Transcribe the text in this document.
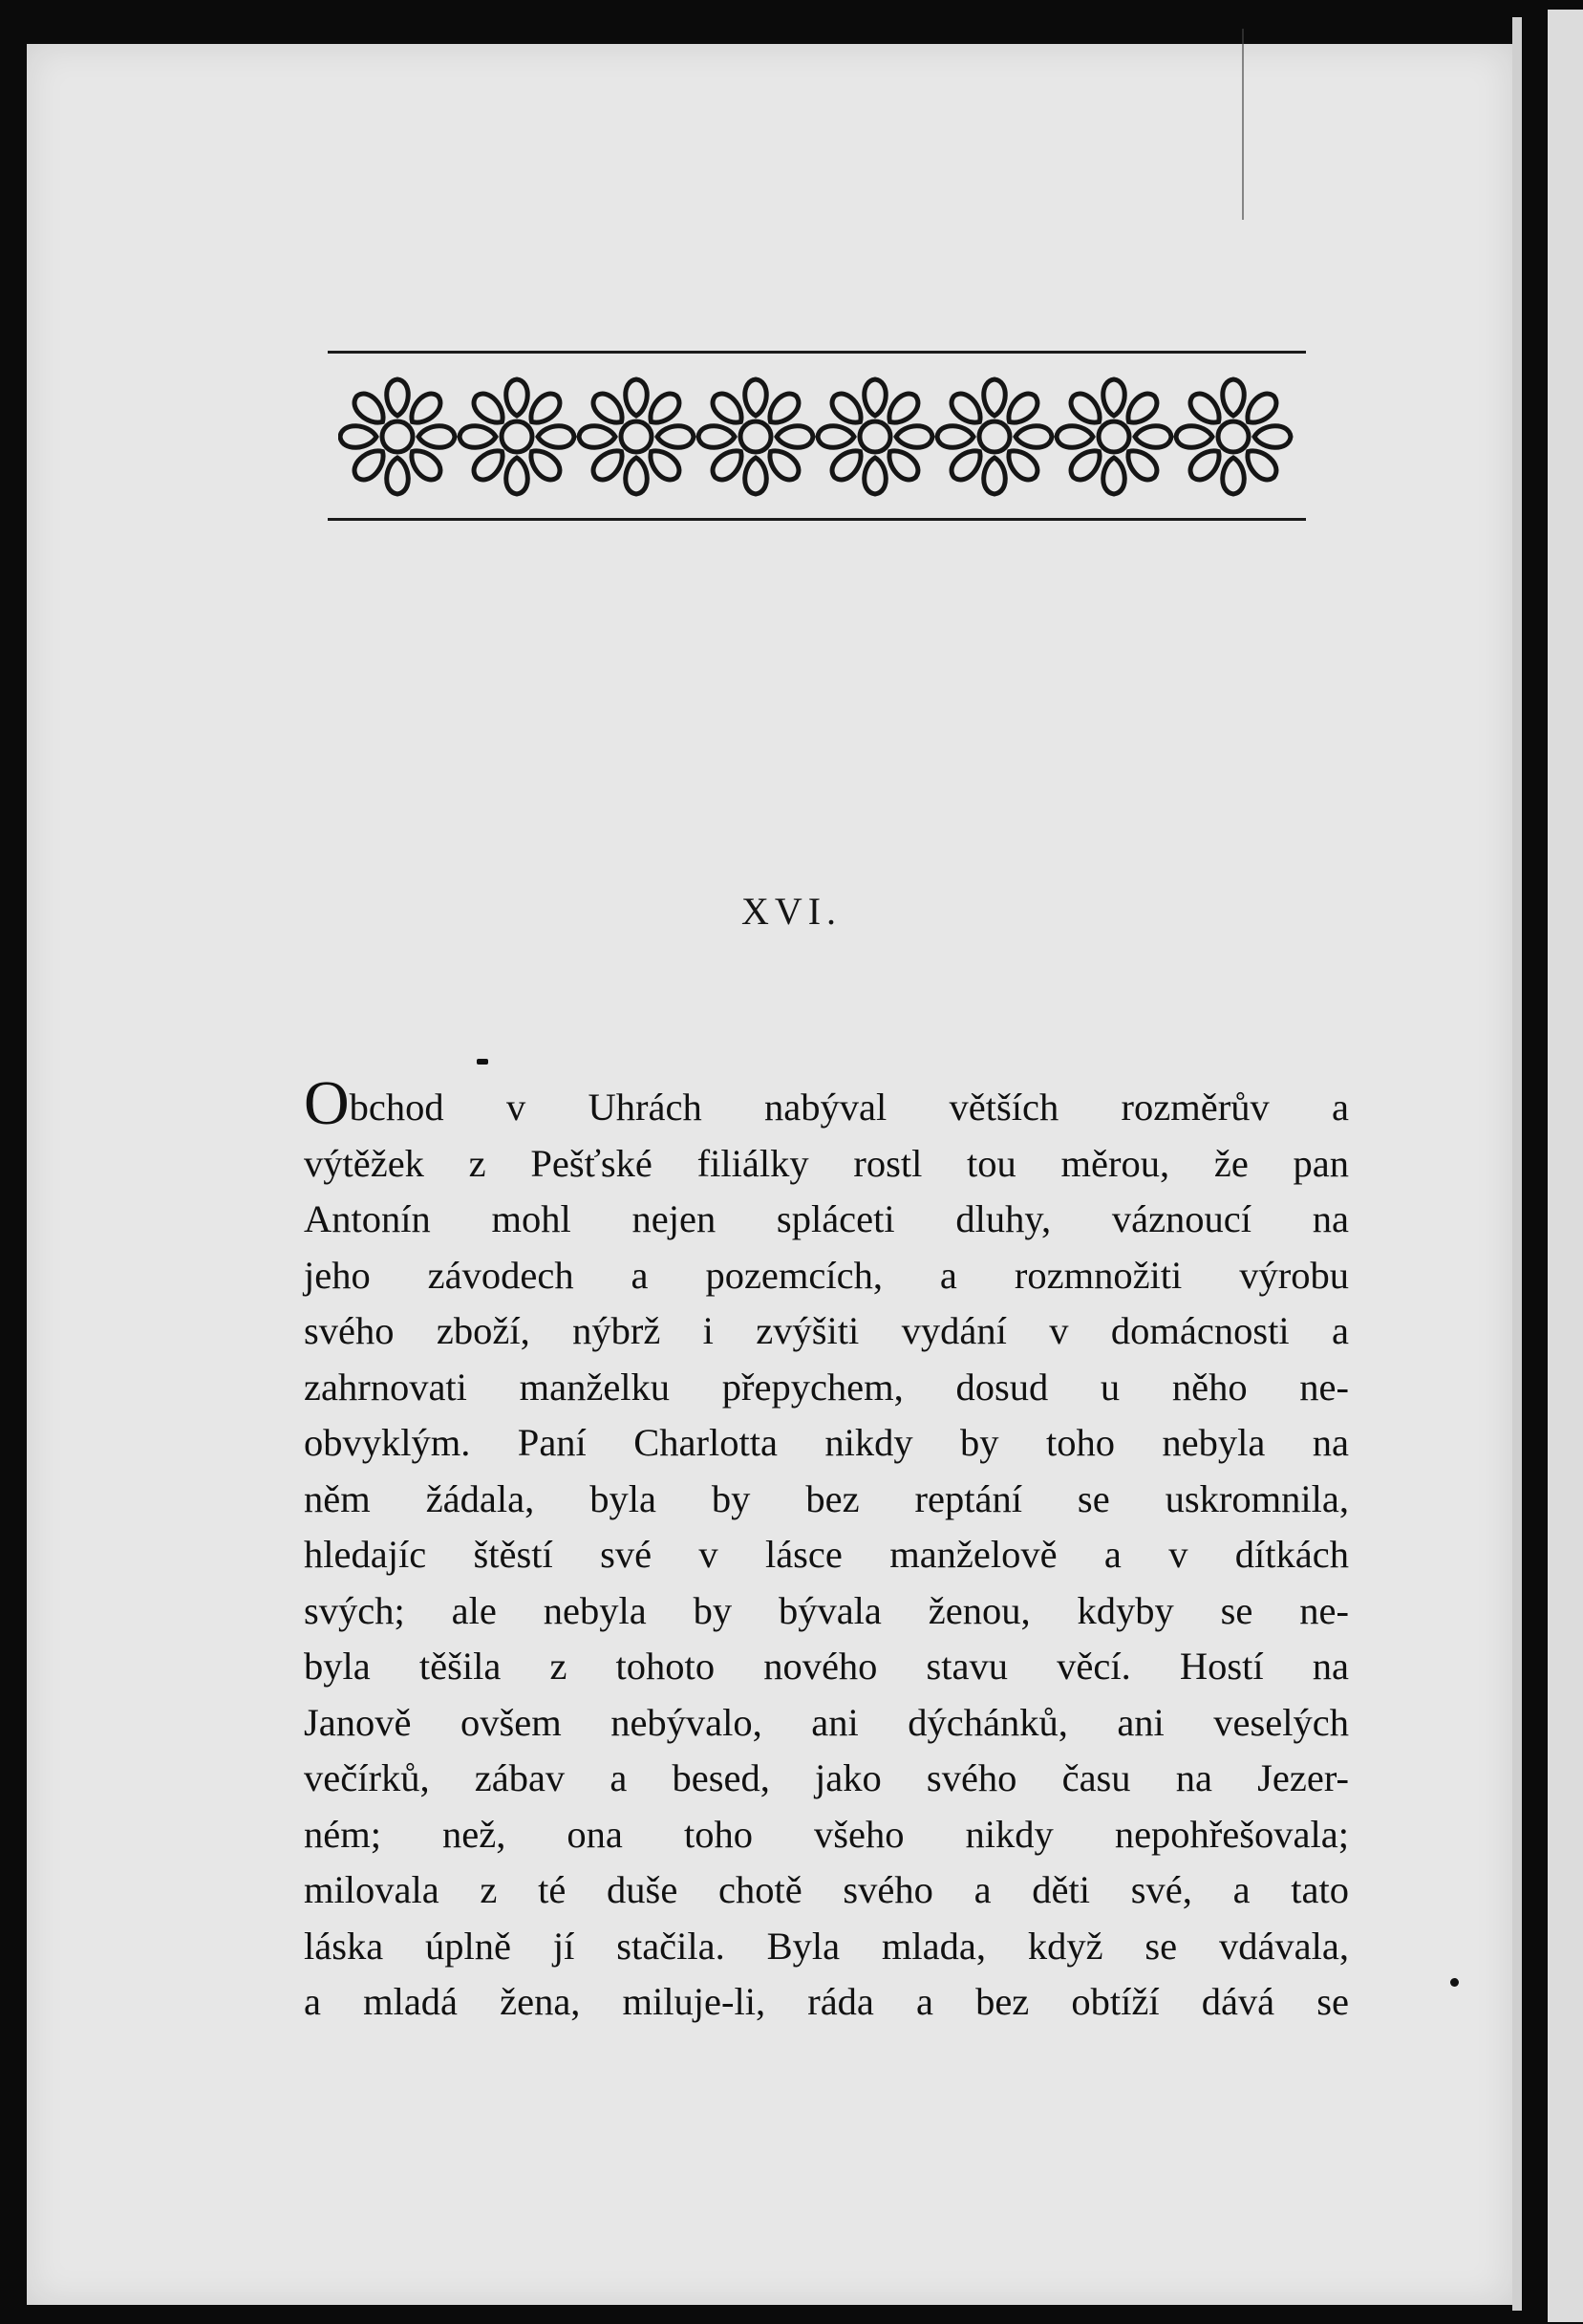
XVI.
Obchod v Uhrách nabýval větších rozměrův a
výtěžek z Pešťské filiálky rostl tou měrou, že pan
Antonín mohl nejen spláceti dluhy, váznoucí na
jeho závodech a pozemcích, a rozmnožiti výrobu
svého zboží, nýbrž i zvýšiti vydání v domácnosti a
zahrnovati manželku přepychem, dosud u něho ne-
obvyklým. Paní Charlotta nikdy by toho nebyla na
něm žádala, byla by bez reptání se uskromnila,
hledajíc štěstí své v lásce manželově a v dítkách
svých; ale nebyla by bývala ženou, kdyby se ne-
byla těšila z tohoto nového stavu věcí. Hostí na
Janově ovšem nebývalo, ani dýchánků, ani veselých
večírků, zábav a besed, jako svého času na Jezer-
ném; než, ona toho všeho nikdy nepohřešovala;
milovala z té duše chotě svého a děti své, a tato
láska úplně jí stačila. Byla mlada, když se vdávala,
a mladá žena, miluje-li, ráda a bez obtíží dává se
